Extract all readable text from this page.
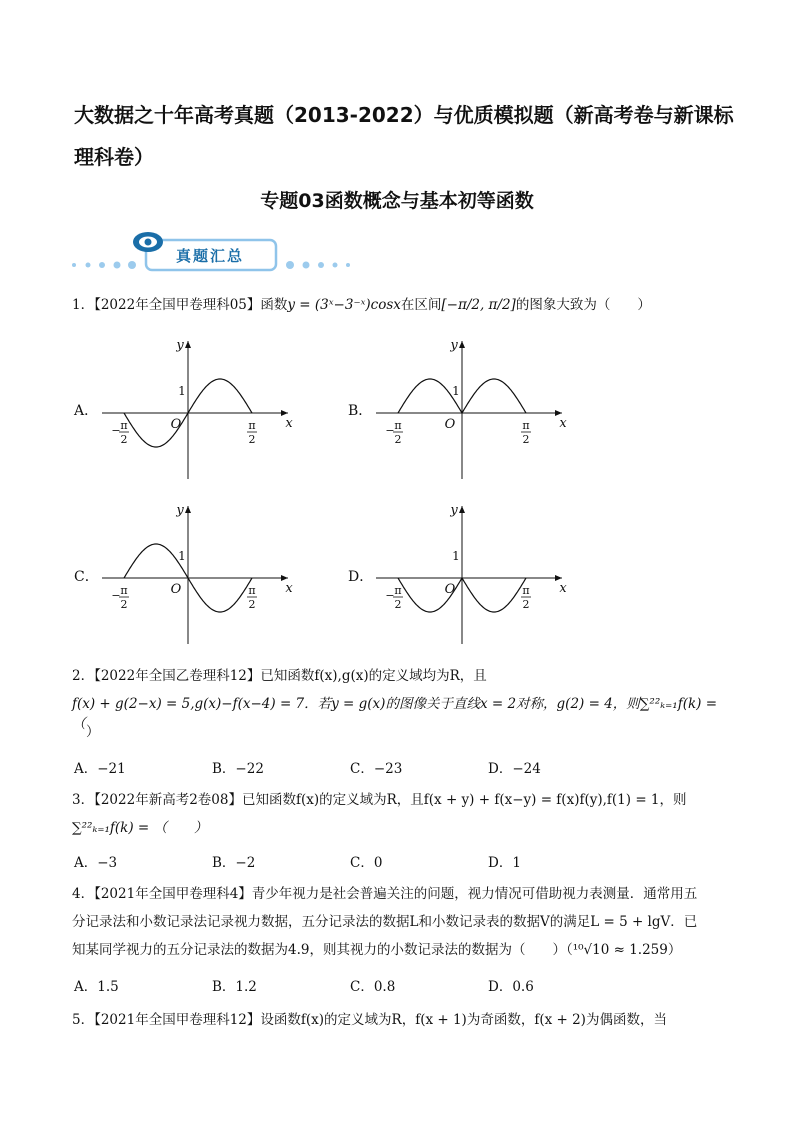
大数据之十年高考真题（2013-2022）与优质模拟题（新高考卷与新课标理科卷）
专题03函数概念与基本初等函数
真题汇总
1．【2022年全国甲卷理科05】函数y = (3ˣ−3⁻ˣ)cosx在区间[−π/2, π/2]的图象大致为（　　）
A．
y
x
O
1
π
2
− π
2
B．
y
x
O
1
π
2
− π
2
C．
y
x
O
1
π
2
− π
2
D．
y
x
O
1
π
2
− π
2
2．【2022年全国乙卷理科12】已知函数f(x),g(x)的定义域均为R，且
f(x) + g(2−x) = 5,g(x)−f(x−4) = 7．若y = g(x)的图像关于直线x = 2对称，g(2) = 4，则∑²²ₖ₌₁f(k) = （ ）
A．−21	B．−22	C．−23	D．−24
3．【2022年新高考2卷08】已知函数f(x)的定义域为R，且f(x + y) + f(x−y) = f(x)f(y),f(1) = 1，则
∑²²ₖ₌₁f(k) = （　　）
A．−3	B．−2	C．0	D．1
4．【2021年全国甲卷理科4】青少年视力是社会普遍关注的问题，视力情况可借助视力表测量．通常用五
分记录法和小数记录法记录视力数据，五分记录法的数据L和小数记录表的数据V的满足L = 5 + lgV．已
知某同学视力的五分记录法的数据为4.9，则其视力的小数记录法的数据为（　　）（¹⁰√10 ≈ 1.259）
A．1.5	B．1.2	C．0.8	D．0.6
5．【2021年全国甲卷理科12】设函数f(x)的定义域为R，f(x + 1)为奇函数，f(x + 2)为偶函数，当
